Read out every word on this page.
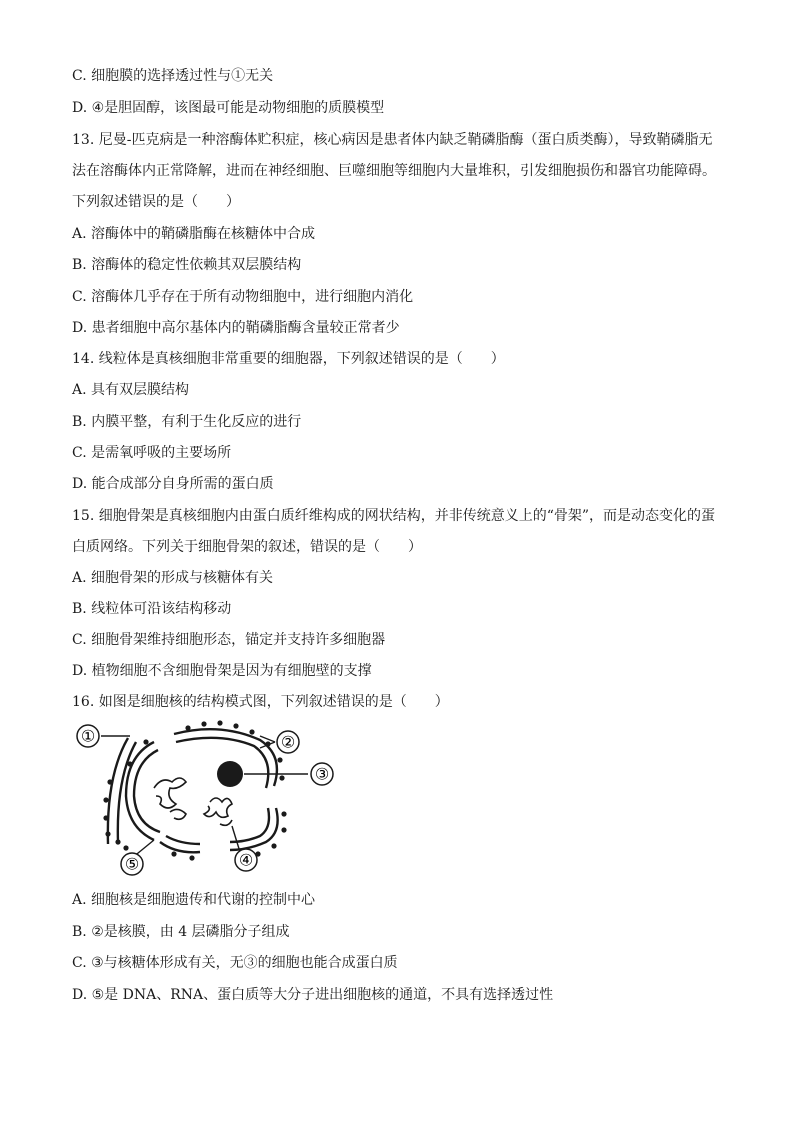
C. 细胞膜的选择透过性与①无关
D. ④是胆固醇，该图最可能是动物细胞的质膜模型
13. 尼曼-匹克病是一种溶酶体贮积症，核心病因是患者体内缺乏鞘磷脂酶（蛋白质类酶），导致鞘磷脂无
法在溶酶体内正常降解，进而在神经细胞、巨噬细胞等细胞内大量堆积，引发细胞损伤和器官功能障碍。
下列叙述错误的是（　　）
A. 溶酶体中的鞘磷脂酶在核糖体中合成
B. 溶酶体的稳定性依赖其双层膜结构
C. 溶酶体几乎存在于所有动物细胞中，进行细胞内消化
D. 患者细胞中高尔基体内的鞘磷脂酶含量较正常者少
14. 线粒体是真核细胞非常重要的细胞器，下列叙述错误的是（　　）
A. 具有双层膜结构
B. 内膜平整，有利于生化反应的进行
C. 是需氧呼吸的主要场所
D. 能合成部分自身所需的蛋白质
15. 细胞骨架是真核细胞内由蛋白质纤维构成的网状结构，并非传统意义上的“骨架”，而是动态变化的蛋
白质网络。下列关于细胞骨架的叙述，错误的是（　　）
A. 细胞骨架的形成与核糖体有关
B. 线粒体可沿该结构移动
C. 细胞骨架维持细胞形态，锚定并支持许多细胞器
D. 植物细胞不含细胞骨架是因为有细胞壁的支撑
16. 如图是细胞核的结构模式图，下列叙述错误的是（　　）
A. 细胞核是细胞遗传和代谢的控制中心
B. ②是核膜，由 4 层磷脂分子组成
C. ③与核糖体形成有关，无③的细胞也能合成蛋白质
D. ⑤是 DNA、RNA、蛋白质等大分子进出细胞核的通道，不具有选择透过性
①	②
③
④
⑤
